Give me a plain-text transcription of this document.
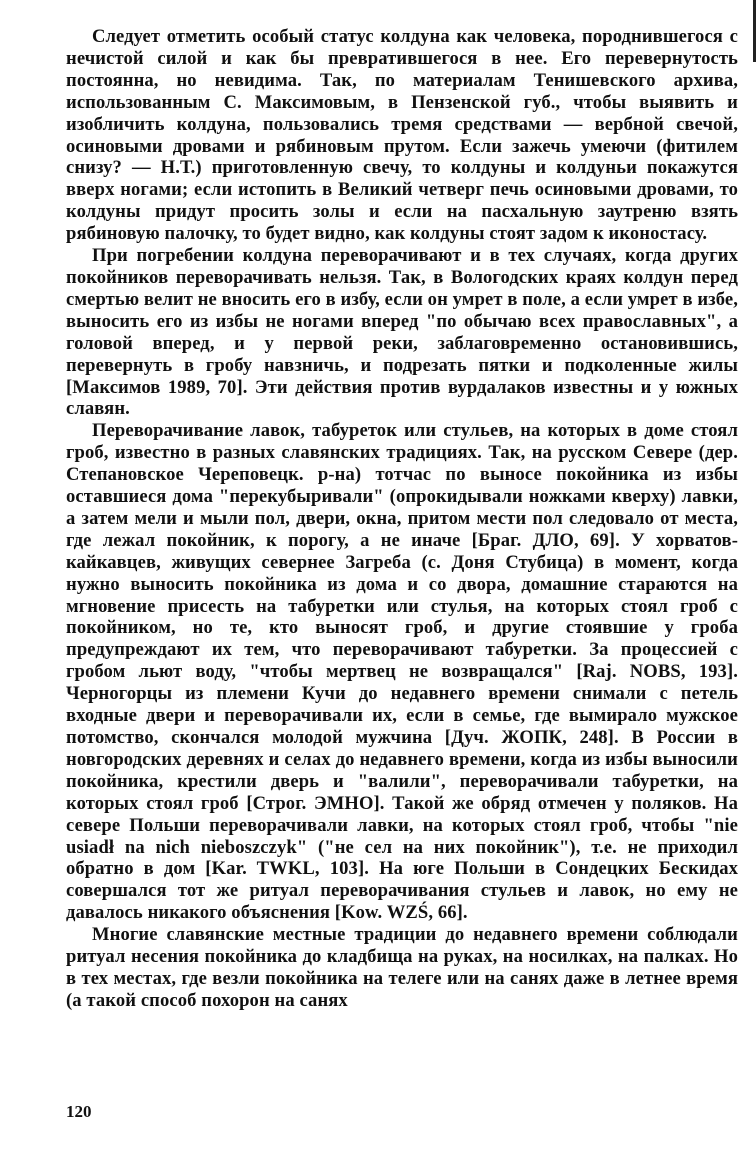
Следует отметить особый статус колдуна как человека, породнившегося с нечистой силой и как бы превратившегося в нее. Его перевернутость постоянна, но невидима. Так, по материалам Тенишевского архива, использованным С. Максимовым, в Пензенской губ., чтобы выявить и изобличить колдуна, пользовались тремя средствами — вербной свечой, осиновыми дровами и рябиновым прутом. Если зажечь умеючи (фитилем снизу? — Н.Т.) приготовленную свечу, то колдуны и колдуньи покажутся вверх ногами; если истопить в Великий четверг печь осиновыми дровами, то колдуны придут просить золы и если на пасхальную заутреню взять рябиновую палочку, то будет видно, как колдуны стоят задом к иконостасу.

При погребении колдуна переворачивают и в тех случаях, когда других покойников переворачивать нельзя. Так, в Вологодских краях колдун перед смертью велит не вносить его в избу, если он умрет в поле, а если умрет в избе, выносить его из избы не ногами вперед "по обычаю всех православных", а головой вперед, и у первой реки, заблаговременно остановившись, перевернуть в гробу навзничь, и подрезать пятки и подколенные жилы [Максимов 1989, 70]. Эти действия против вурдалаков известны и у южных славян.

Переворачивание лавок, табуреток или стульев, на которых в доме стоял гроб, известно в разных славянских традициях. Так, на русском Севере (дер. Степановское Череповецк. р-на) тотчас по выносе покойника из избы оставшиеся дома "перекубыривали" (опрокидывали ножками кверху) лавки, а затем мели и мыли пол, двери, окна, притом мести пол следовало от места, где лежал покойник, к порогу, а не иначе [Браг. ДЛО, 69]. У хорватов-кайкавцев, живущих севернее Загреба (с. Доня Стубица) в момент, когда нужно выносить покойника из дома и со двора, домашние стараются на мгновение присесть на табуретки или стулья, на которых стоял гроб с покойником, но те, кто выносят гроб, и другие стоявшие у гроба предупреждают их тем, что переворачивают табуретки. За процессией с гробом льют воду, "чтобы мертвец не возвращался" [Raj. NOBS, 193]. Черногорцы из племени Кучи до недавнего времени снимали с петель входные двери и переворачивали их, если в семье, где вымирало мужское потомство, скончался молодой мужчина [Дуч. ЖОПК, 248]. В России в новгородских деревнях и селах до недавнего времени, когда из избы выносили покойника, крестили дверь и "валили", переворачивали табуретки, на которых стоял гроб [Строг. ЭМНО]. Такой же обряд отмечен у поляков. На севере Польши переворачивали лавки, на которых стоял гроб, чтобы "nie usiadł na nich nieboszczyk" ("не сел на них покойник"), т.е. не приходил обратно в дом [Kar. TWKL, 103]. На юге Польши в Сондецких Бескидах совершался тот же ритуал переворачивания стульев и лавок, но ему не давалось никакого объяснения [Kow. WZŚ, 66].

Многие славянские местные традиции до недавнего времени соблюдали ритуал несения покойника до кладбища на руках, на носилках, на палках. Но в тех местах, где везли покойника на телеге или на санях даже в летнее время (а такой способ похорон на санях

120
